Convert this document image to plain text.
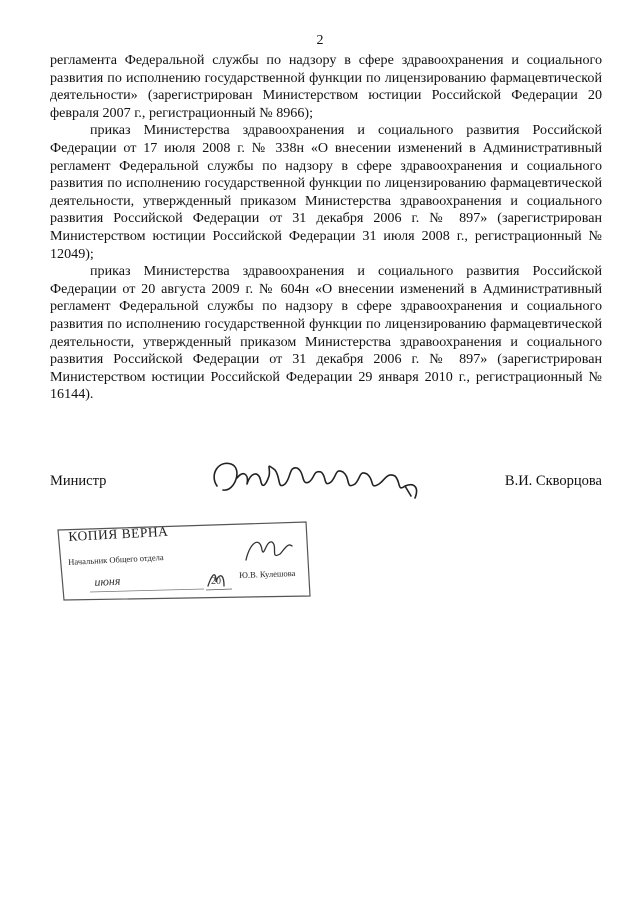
2

регламента Федеральной службы по надзору в сфере здравоохранения и социального развития по исполнению государственной функции по лицензированию фармацевтической деятельности» (зарегистрирован Министерством юстиции Российской Федерации 20 февраля 2007 г., регистрационный № 8966);

приказ Министерства здравоохранения и социального развития Российской Федерации от 17 июля 2008 г. № 338н «О внесении изменений в Административный регламент Федеральной службы по надзору в сфере здравоохранения и социального развития по исполнению государственной функции по лицензированию фармацевтической деятельности, утвержденный приказом Министерства здравоохранения и социального развития Российской Федерации от 31 декабря 2006 г. № 897» (зарегистрирован Министерством юстиции Российской Федерации 31 июля 2008 г., регистрационный № 12049);

приказ Министерства здравоохранения и социального развития Российской Федерации от 20 августа 2009 г. № 604н «О внесении изменений в Административный регламент Федеральной службы по надзору в сфере здравоохранения и социального развития по исполнению государственной функции по лицензированию фармацевтической деятельности, утвержденный приказом Министерства здравоохранения и социального развития Российской Федерации от 31 декабря 2006 г. № 897» (зарегистрирован Министерством юстиции Российской Федерации 29 января 2010 г., регистрационный № 16144).

Министр	В.И. Скворцова
КОПИЯ ВЕРНА
Начальник Общего отдела
июня	20
Ю.В. Кулешова
